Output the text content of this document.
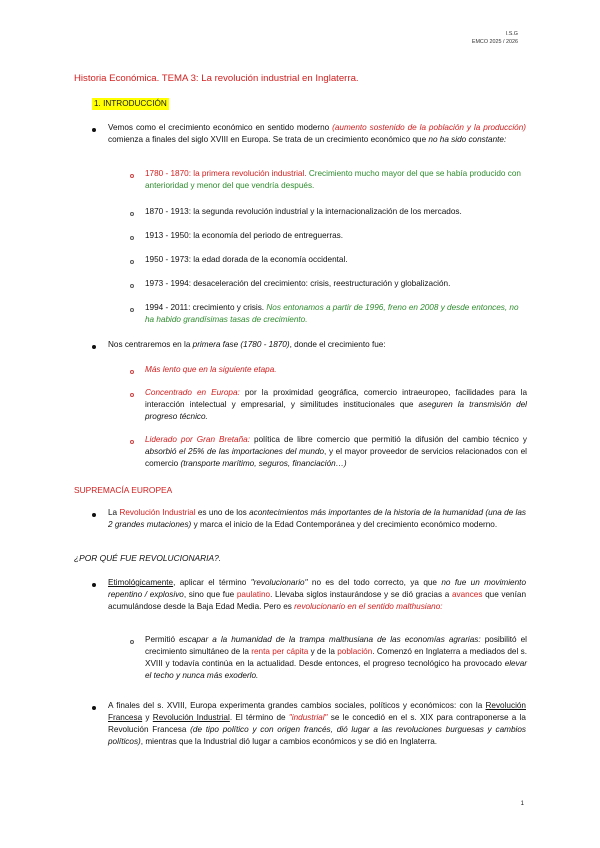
I.S.G
EMCO 2025 / 2026
Historia Económica. TEMA 3: La revolución industrial en Inglaterra.
1. INTRODUCCIÓN
Vemos como el crecimiento económico en sentido moderno (aumento sostenido de la población y la producción) comienza a finales del siglo XVIII en Europa. Se trata de un crecimiento económico que no ha sido constante:
1780 - 1870: la primera revolución industrial. Crecimiento mucho mayor del que se había producido con anterioridad y menor del que vendría después.
1870 - 1913: la segunda revolución industrial y la internacionalización de los mercados.
1913 - 1950: la economía del periodo de entreguerras.
1950 - 1973: la edad dorada de la economía occidental.
1973 - 1994: desaceleración del crecimiento: crisis, reestructuración y globalización.
1994 - 2011: crecimiento y crisis. Nos entonamos a partir de 1996, freno en 2008 y desde entonces, no ha habido grandísimas tasas de crecimiento.
Nos centraremos en la primera fase (1780 - 1870), donde el crecimiento fue:
Más lento que en la siguiente etapa.
Concentrado en Europa: por la proximidad geográfica, comercio intraeuropeo, facilidades para la interacción intelectual y empresarial, y similitudes institucionales que aseguren la transmisión del progreso técnico.
Liderado por Gran Bretaña: política de libre comercio que permitió la difusión del cambio técnico y absorbió el 25% de las importaciones del mundo, y el mayor proveedor de servicios relacionados con el comercio (transporte marítimo, seguros, financiación…)
SUPREMACÍA EUROPEA
La Revolución Industrial es uno de los acontecimientos más importantes de la historia de la humanidad (una de las 2 grandes mutaciones) y marca el inicio de la Edad Contemporánea y del crecimiento económico moderno.
¿POR QUÉ FUE REVOLUCIONARIA?.
Etimológicamente, aplicar el término "revolucionario" no es del todo correcto, ya que no fue un movimiento repentino / explosivo, sino que fue paulatino. Llevaba siglos instaurándose y se dió gracias a avances que venían acumulándose desde la Baja Edad Media. Pero es revolucionario en el sentido malthusiano:
Permitió escapar a la humanidad de la trampa malthusiana de las economías agrarias: posibilitó el crecimiento simultáneo de la renta per cápita y de la población. Comenzó en Inglaterra a mediados del s. XVIII y todavía continúa en la actualidad. Desde entonces, el progreso tecnológico ha provocado elevar el techo y nunca más exoderlo.
A finales del s. XVIII, Europa experimenta grandes cambios sociales, políticos y económicos: con la Revolución Francesa y Revolución Industrial. El término de "industrial" se le concedió en el s. XIX para contraponerse a la Revolución Francesa (de tipo político y con origen francés, dió lugar a las revoluciones burguesas y cambios políticos), mientras que la Industrial dió lugar a cambios económicos y se dió en Inglaterra.
1
